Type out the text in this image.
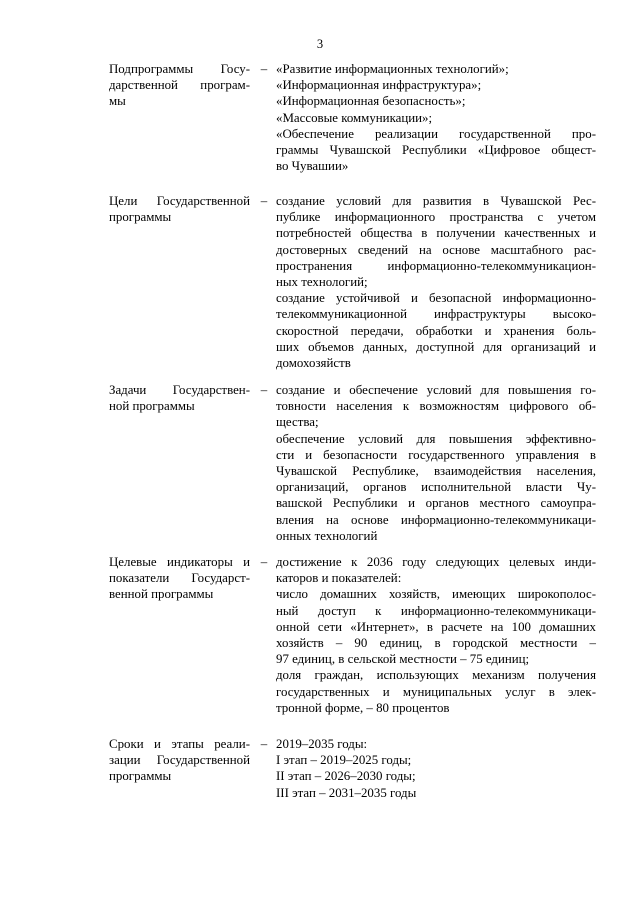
3
Подпрограммы Госу-
дарственной програм-
мы
– «Развитие информационных технологий»;
«Информационная инфраструктура»;
«Информационная безопасность»;
«Массовые коммуникации»;
«Обеспечение реализации государственной про-
граммы Чувашской Республики «Цифровое общест-
во Чувашии»
Цели Государственной
программы
– создание условий для развития в Чувашской Рес-
публике информационного пространства с учетом
потребностей общества в получении качественных и
достоверных сведений на основе масштабного рас-
пространения информационно-телекоммуникацион-
ных технологий;
создание устойчивой и безопасной информационно-
телекоммуникационной инфраструктуры высоко-
скоростной передачи, обработки и хранения боль-
ших объемов данных, доступной для организаций и
домохозяйств
Задачи Государствен-
ной программы
– создание и обеспечение условий для повышения го-
товности населения к возможностям цифрового об-
щества;
обеспечение условий для повышения эффективно-
сти и безопасности государственного управления в
Чувашской Республике, взаимодействия населения,
организаций, органов исполнительной власти Чу-
вашской Республики и органов местного самоупра-
вления на основе информационно-телекоммуникаци-
онных технологий
Целевые индикаторы и
показатели Государст-
венной программы
– достижение к 2036 году следующих целевых инди-
каторов и показателей:
число домашних хозяйств, имеющих широкополос-
ный доступ к информационно-телекоммуникаци-
онной сети «Интернет», в расчете на 100 домашних
хозяйств – 90 единиц, в городской местности –
97 единиц, в сельской местности – 75 единиц;
доля граждан, использующих механизм получения
государственных и муниципальных услуг в элек-
тронной форме, – 80 процентов
Сроки и этапы реали-
зации Государственной
программы
– 2019–2035 годы:
I этап – 2019–2025 годы;
II этап – 2026–2030 годы;
III этап – 2031–2035 годы
